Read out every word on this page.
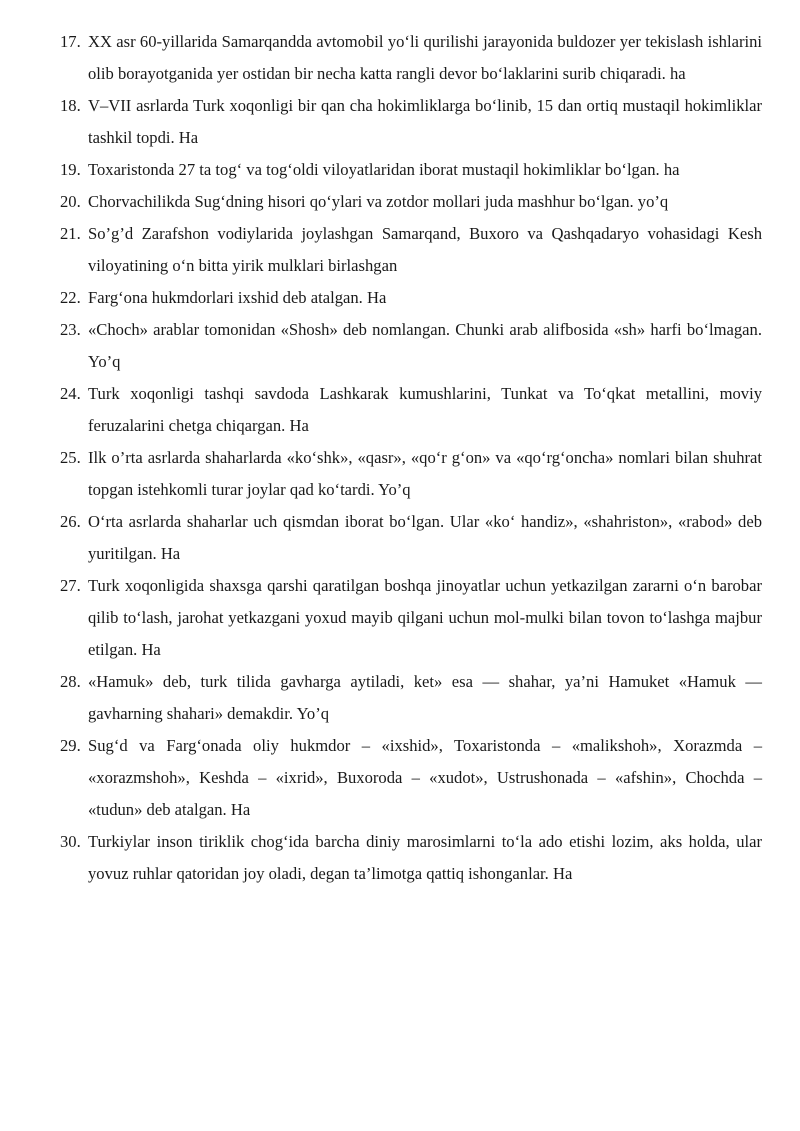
17. XX asr 60-yillarida Samarqandda avtomobil yo‘li qurilishi jarayonida buldozer yer tekislash ishlarini olib borayotganida yer ostidan bir necha katta rangli devor bo‘laklarini surib chiqaradi. ha
18. V–VII asrlarda Turk xoqonligi bir qan cha hokimliklarga bo‘linib, 15 dan ortiq mustaqil hokimliklar tashkil topdi. Ha
19. Toxaristonda 27 ta tog‘ va tog‘oldi viloyatlaridan iborat mustaqil hokimliklar bo‘lgan. ha
20. Chorvachilikda Sug‘dning hisori qo‘ylari va zotdor mollari juda mashhur bo‘lgan. yo’q
21. So’g’d Zarafshon vodiylarida joylashgan Samarqand, Buxoro va Qashqadaryo vohasidagi Kesh viloyatining o‘n bitta yirik mulklari birlashgan
22. Farg‘ona hukmdorlari ixshid deb atalgan. Ha
23. «Choch» arablar tomonidan «Shosh» deb nomlangan. Chunki arab alifbosida «sh» harfi bo‘lmagan. Yo’q
24. Turk xoqonligi tashqi savdoda Lashkarak kumushlarini, Tunkat va To‘qkat metallini, moviy feruzalarini chetga chiqargan. Ha
25. Ilk o’rta asrlarda shaharlarda «ko‘shk», «qasr», «qo‘r g‘on» va «qo‘rg‘oncha» nomlari bilan shuhrat topgan istehkomli turar joylar qad ko‘tardi. Yo’q
26. O‘rta asrlarda shaharlar uch qismdan iborat bo‘lgan. Ular «ko‘ handiz», «shahriston», «rabod» deb yuritilgan. Ha
27. Turk xoqonligida shaxsga qarshi qaratilgan boshqa jinoyatlar uchun yetkazilgan zararni o‘n barobar qilib to‘lash, jarohat yetkazgani yoxud mayib qilgani uchun mol-mulki bilan tovon to‘lashga majbur etilgan. Ha
28. «Hamuk» deb, turk tilida gavharga aytiladi, ket» esa — shahar, ya’ni Hamuket «Hamuk — gavharning shahari» demakdir. Yo’q
29. Sug‘d va Farg‘onada oliy hukmdor – «ixshid», Toxaristonda – «malikshoh», Xorazmda – «xorazmshoh», Keshda – «ixrid», Buxoroda – «xudot», Ustrushonada – «afshin», Chochda – «tudun» deb atalgan. Ha
30. Turkiylar inson tiriklik chog‘ida barcha diniy marosimlarni to‘la ado etishi lozim, aks holda, ular yovuz ruhlar qatoridan joy oladi, degan ta’limotga qattiq ishonganlar. Ha
